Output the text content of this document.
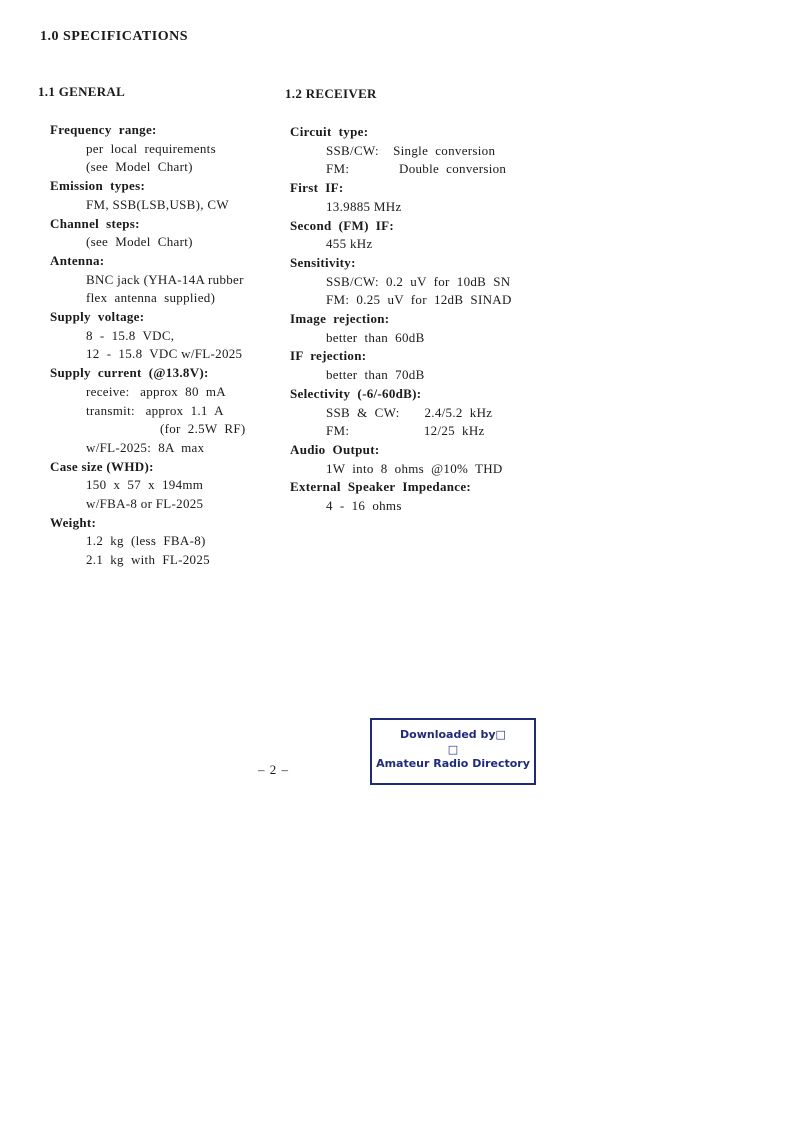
1.0 SPECIFICATIONS
1.1 GENERAL	1.2 RECEIVER
Frequency  range:
per  local  requirements
(see  Model  Chart)
Emission  types:
FM, SSB(LSB,USB), CW
Channel  steps:
(see  Model  Chart)
Antenna:
BNC jack (YHA-14A rubber
flex  antenna  supplied)
Supply  voltage:
8  -  15.8  VDC,
12  -  15.8  VDC w/FL-2025
Supply  current  (@13.8V):
receive:   approx  80  mA
transmit:   approx  1.1  A
(for  2.5W  RF)
w/FL-2025:  8A  max
Case size (WHD):
150  x  57  x  194mm
w/FBA-8 or FL-2025
Weight:
1.2  kg  (less  FBA-8)
2.1  kg  with  FL-2025
Circuit  type:
SSB/CW:    Single  conversion
FM:              Double  conversion
First  IF:
13.9885 MHz
Second  (FM)  IF:
455 kHz
Sensitivity:
SSB/CW:  0.2  uV  for  10dB  SN
FM:  0.25  uV  for  12dB  SINAD
Image  rejection:
better  than  60dB
IF  rejection:
better  than  70dB
Selectivity  (-6/-60dB):
SSB  &  CW:       2.4/5.2  kHz
FM:                     12/25  kHz
Audio  Output:
1W  into  8  ohms  @10%  THD
External  Speaker  Impedance:
4  -  16  ohms
– 2 –
Downloaded by□
□
Amateur Radio Directory
